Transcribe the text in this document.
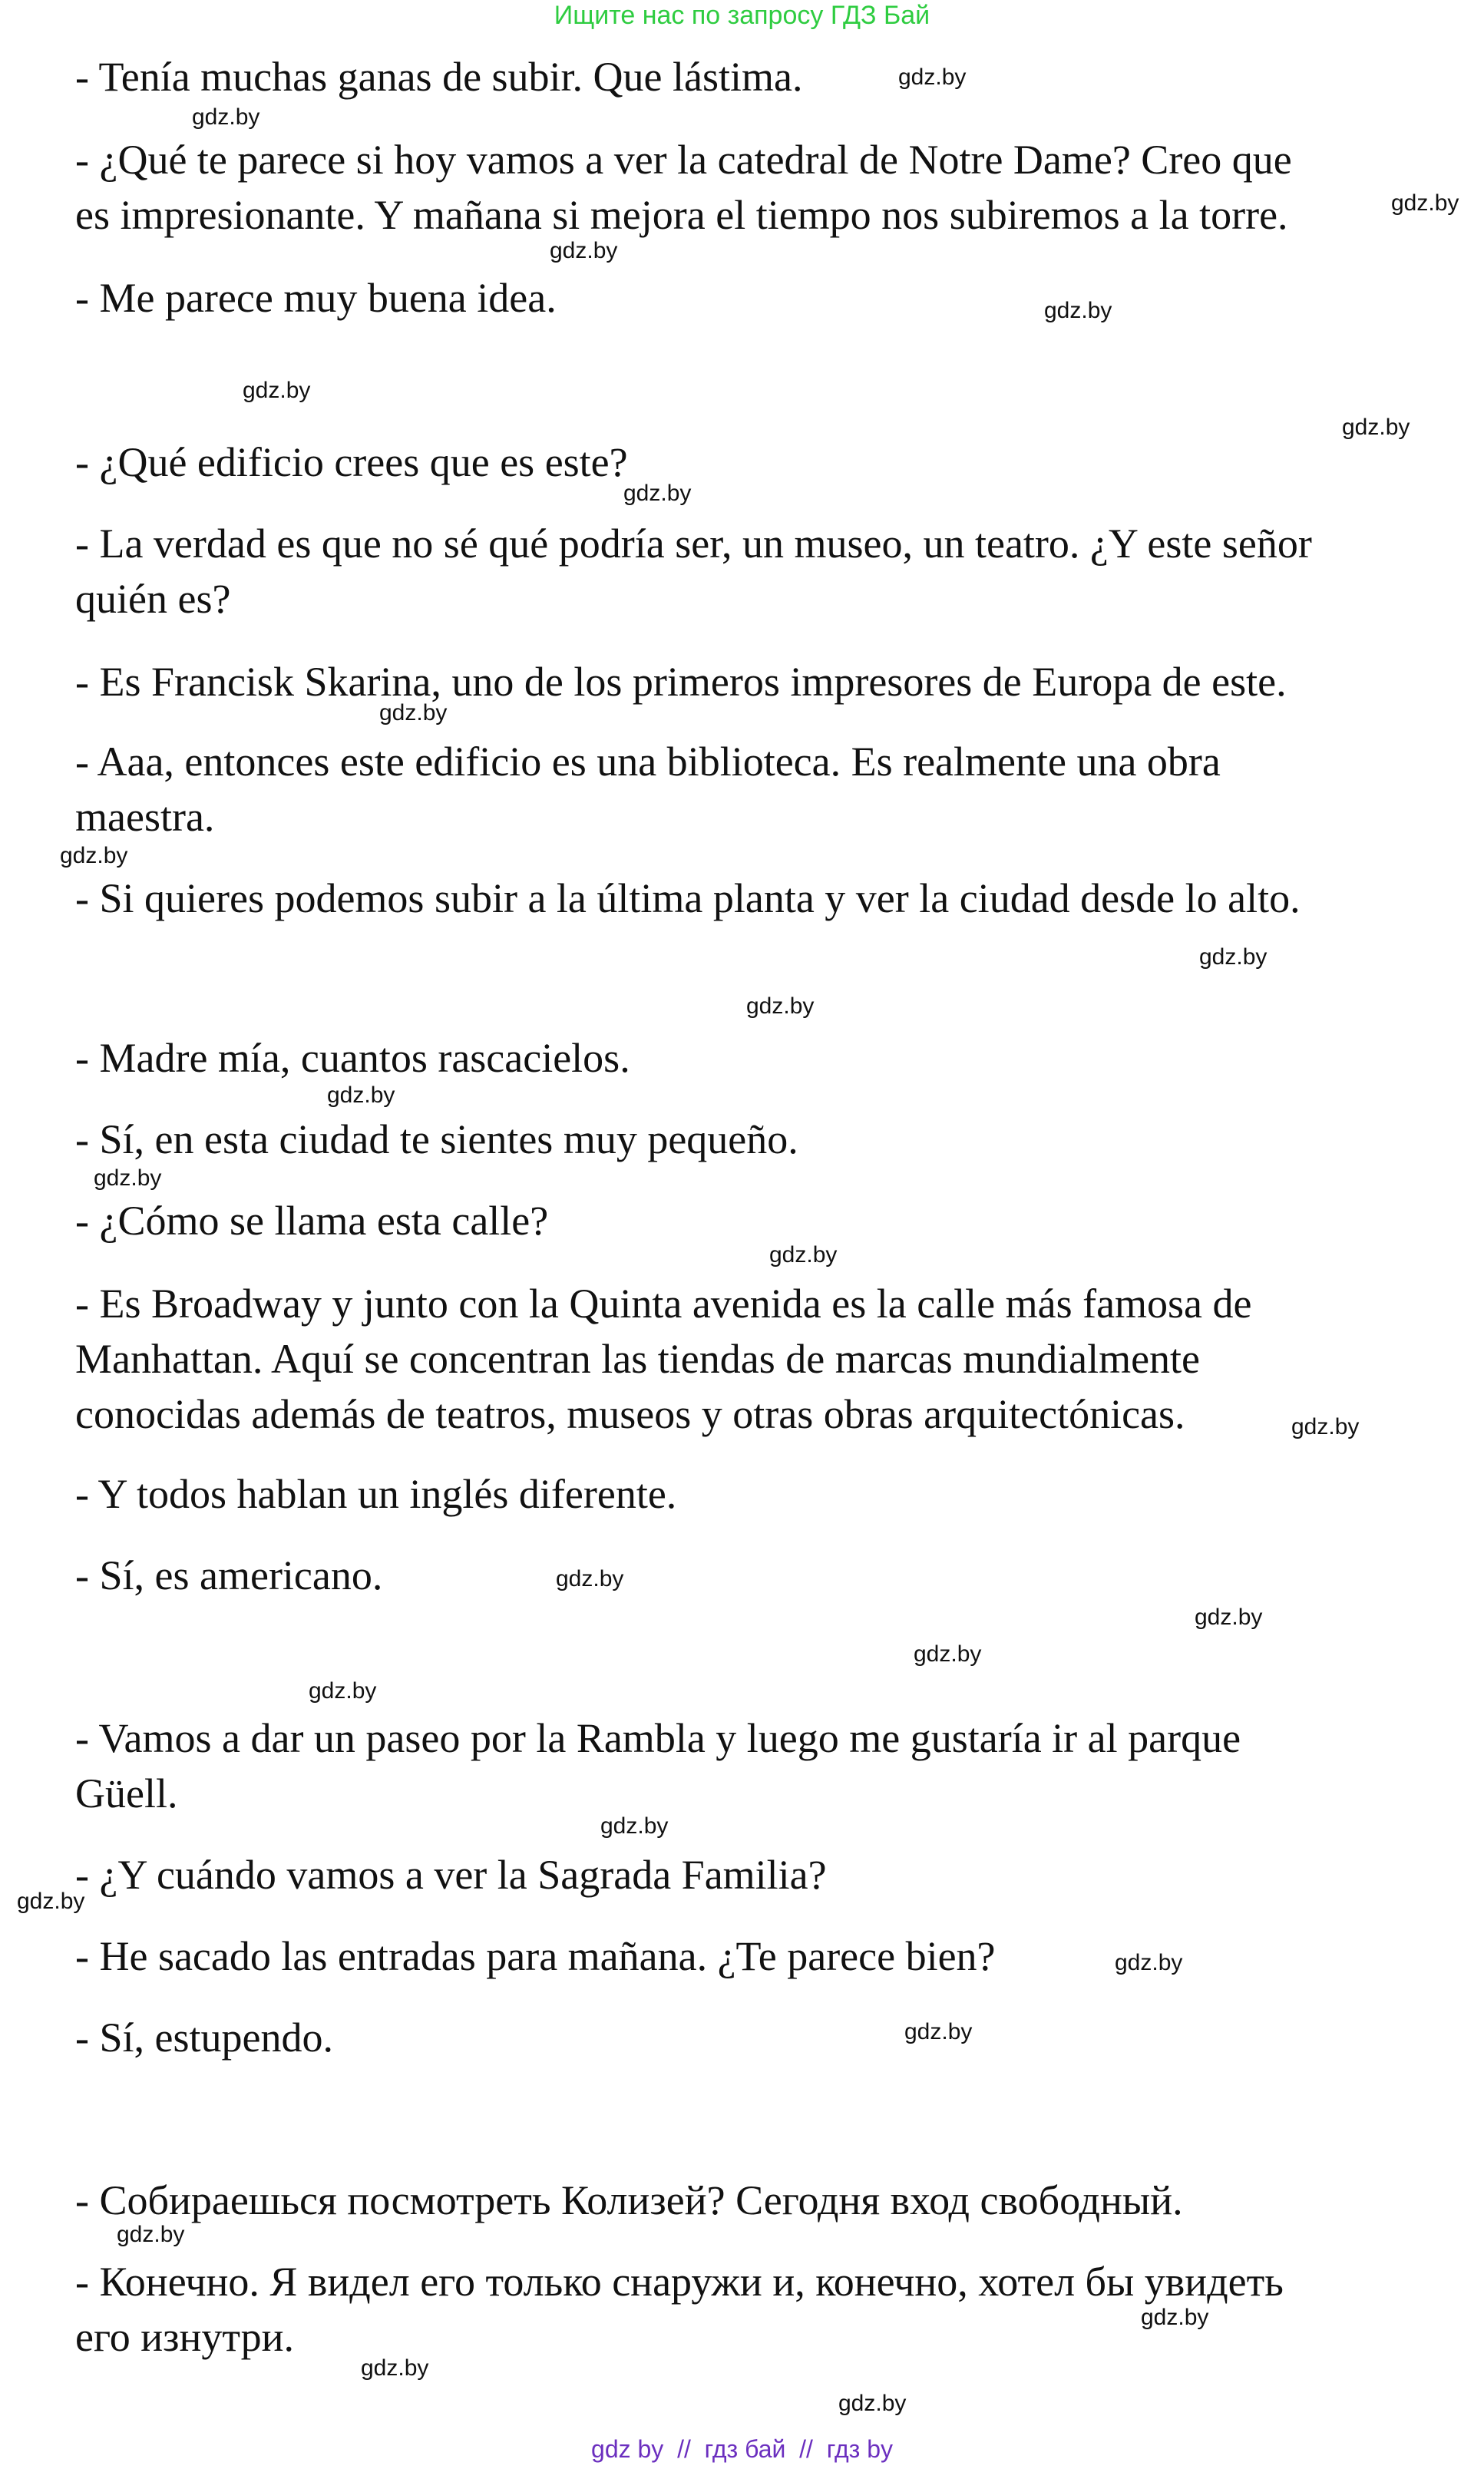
Ищите нас по запросу ГДЗ Бай
- Tenía muchas ganas de subir. Que lástima.
- ¿Qué te parece si hoy vamos a ver la catedral de Notre Dame? Creo que
es impresionante. Y mañana si mejora el tiempo nos subiremos a la torre.
- Me parece muy buena idea.
- ¿Qué edificio crees que es este?
- La verdad es que no sé qué podría ser, un museo, un teatro. ¿Y este señor
quién es?
- Es Francisk Skarina, uno de los primeros impresores de Europa de este.
- Aaa, entonces este edificio es una biblioteca. Es realmente una obra
maestra.
- Si quieres podemos subir a la última planta y ver la ciudad desde lo alto.
- Madre mía, cuantos rascacielos.
- Sí, en esta ciudad te sientes muy pequeño.
- ¿Cómo se llama esta calle?
- Es Broadway y junto con la Quinta avenida es la calle más famosa de
Manhattan. Aquí se concentran las tiendas de marcas mundialmente
conocidas además de teatros, museos y otras obras arquitectónicas.
- Y todos hablan un inglés diferente.
- Sí, es americano.
- Vamos a dar un paseo por la Rambla y luego me gustaría ir al parque
Güell.
- ¿Y cuándo vamos a ver la Sagrada Familia?
- He sacado las entradas para mañana. ¿Te parece bien?
- Sí, estupendo.
- Собираешься посмотреть Колизей? Сегодня вход свободный.
- Конечно. Я видел его только снаружи и, конечно, хотел бы увидеть
его изнутри.
gdz.by
gdz.by
gdz.by
gdz.by
gdz.by
gdz.by
gdz.by
gdz.by
gdz.by
gdz.by
gdz.by
gdz.by
gdz.by
gdz.by
gdz.by
gdz.by
gdz.by
gdz.by
gdz.by
gdz.by
gdz.by
gdz.by
gdz.by
gdz.by
gdz.by
gdz.by
gdz.by
gdz.by
gdz by  //  гдз бай  //  гдз by
